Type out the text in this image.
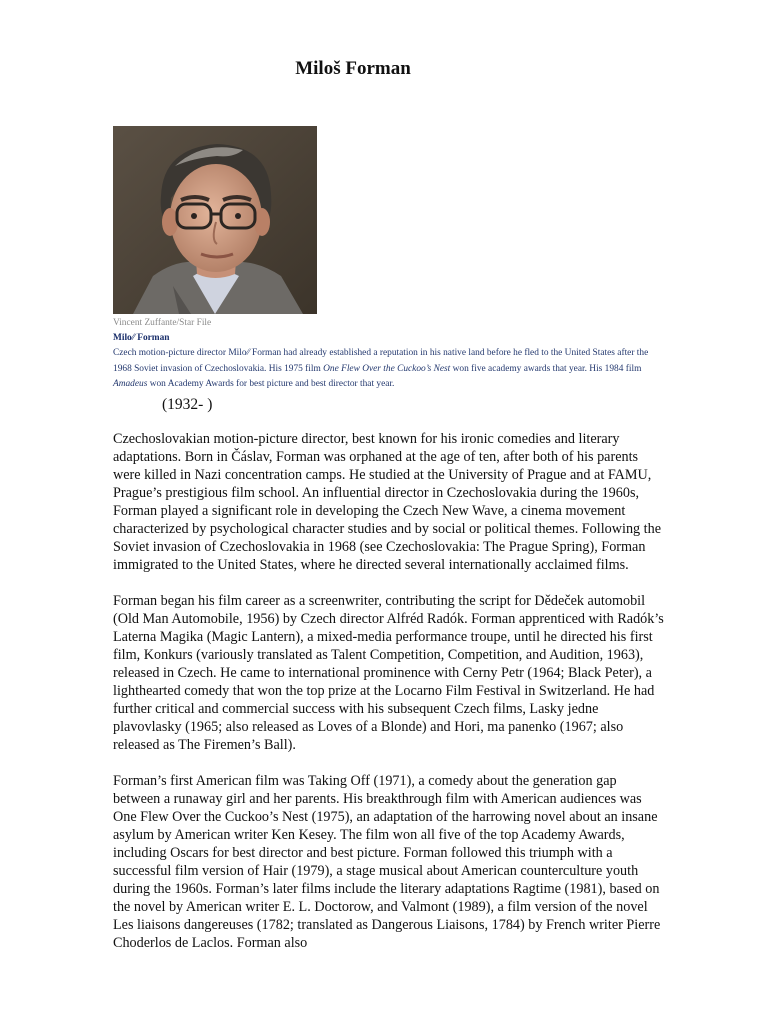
Miloš Forman
Vincent Zuffante/Star File
Milo⁄⁄ Forman
Czech motion-picture director Milo⁄⁄ Forman had already established a reputation in his native land before he fled to the United States after the 1968 Soviet invasion of Czechoslovakia. His 1975 film One Flew Over the Cuckoo’s Nest won five academy awards that year. His 1984 film Amadeus won Academy Awards for best picture and best director that year.
(1932- )

Czechoslovakian motion-picture director, best known for his ironic comedies and literary adaptations. Born in Čáslav, Forman was orphaned at the age of ten, after both of his parents were killed in Nazi concentration camps. He studied at the University of Prague and at FAMU, Prague’s prestigious film school. An influential director in Czechoslovakia during the 1960s, Forman played a significant role in developing the Czech New Wave, a cinema movement characterized by psychological character studies and by social or political themes. Following the Soviet invasion of Czechoslovakia in 1968 (see Czechoslovakia: The Prague Spring), Forman immigrated to the United States, where he directed several internationally acclaimed films.

Forman began his film career as a screenwriter, contributing the script for Dědeček automobil (Old Man Automobile, 1956) by Czech director Alfréd Radók. Forman apprenticed with Radók’s Laterna Magika (Magic Lantern), a mixed-media performance troupe, until he directed his first film, Konkurs (variously translated as Talent Competition, Competition, and Audition, 1963), released in Czech. He came to international prominence with Cerny Petr (1964; Black Peter), a lighthearted comedy that won the top prize at the Locarno Film Festival in Switzerland. He had further critical and commercial success with his subsequent Czech films, Lasky jedne plavovlasky (1965; also released as Loves of a Blonde) and Hori, ma panenko (1967; also released as The Firemen’s Ball).

Forman’s first American film was Taking Off (1971), a comedy about the generation gap between a runaway girl and her parents. His breakthrough film with American audiences was One Flew Over the Cuckoo’s Nest (1975), an adaptation of the harrowing novel about an insane asylum by American writer Ken Kesey. The film won all five of the top Academy Awards, including Oscars for best director and best picture. Forman followed this triumph with a successful film version of Hair (1979), a stage musical about American counterculture youth during the 1960s. Forman’s later films include the literary adaptations Ragtime (1981), based on the novel by American writer E. L. Doctorow, and Valmont (1989), a film version of the novel Les liaisons dangereuses (1782; translated as Dangerous Liaisons, 1784) by French writer Pierre Choderlos de Laclos. Forman also
